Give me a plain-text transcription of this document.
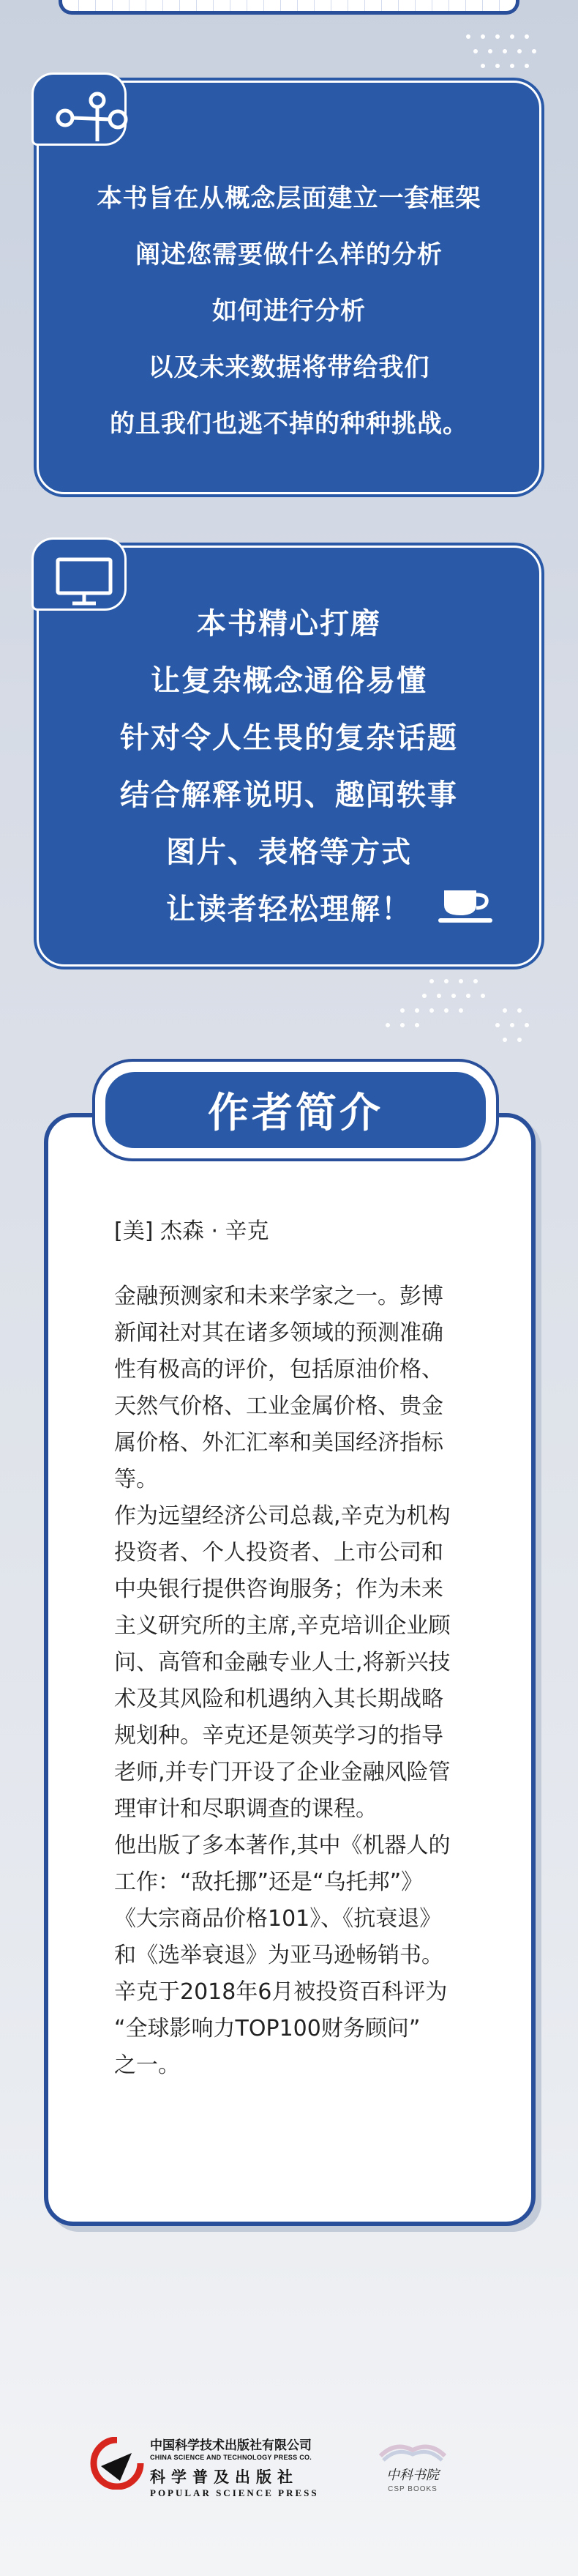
本书旨在从概念层面建立一套框架
阐述您需要做什么样的分析
如何进行分析
以及未来数据将带给我们
的且我们也逃不掉的种种挑战。
本书精心打磨
让复杂概念通俗易懂
针对令人生畏的复杂话题
结合解释说明、趣闻轶事
图片、表格等方式
让读者轻松理解！
作者简介
[美] 杰森 · 辛克

金融预测家和未来学家之一。彭博

新闻社对其在诸多领域的预测准确

性有极高的评价，包括原油价格、

天然气价格、工业金属价格、贵金

属价格、外汇汇率和美国经济指标

等。

作为远望经济公司总裁,辛克为机构

投资者、个人投资者、上市公司和

中央银行提供咨询服务；作为未来

主义研究所的主席,辛克培训企业顾

问、高管和金融专业人士,将新兴技

术及其风险和机遇纳入其长期战略

规划种。辛克还是领英学习的指导

老师,并专门开设了企业金融风险管

理审计和尽职调查的课程。

他出版了多本著作,其中《机器人的

工作：“敌托挪”还是“乌托邦”》

《大宗商品价格101》、《抗衰退》

和《选举衰退》为亚马逊畅销书。

辛克于2018年6月被投资百科评为

“全球影响力TOP100财务顾问”

之一。

中国科学技术出版社有限公司
CHINA SCIENCE AND TECHNOLOGY PRESS CO.
科学普及出版社
POPULAR SCIENCE PRESS
中科书院
CSP BOOKS
